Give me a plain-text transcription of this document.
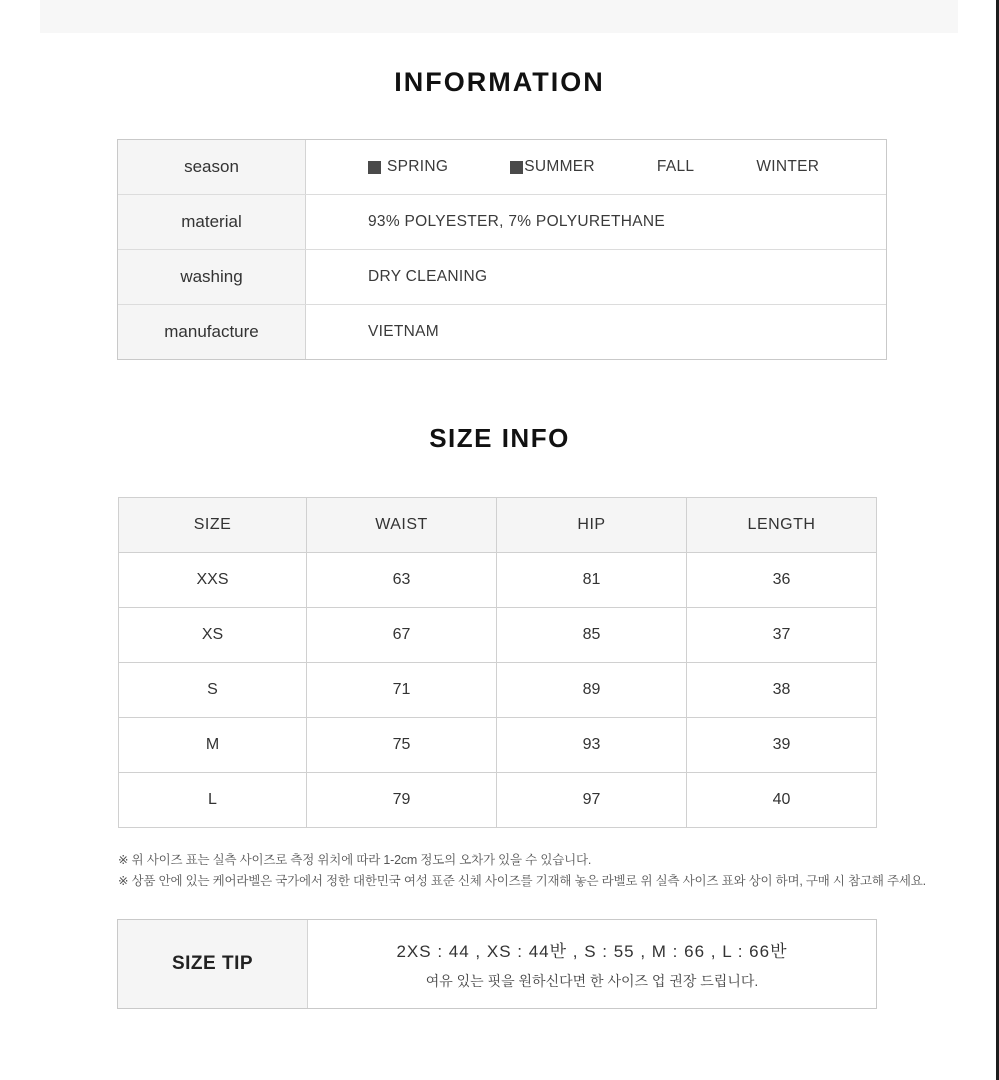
INFORMATION
season	SPRING	SUMMER	FALL	WINTER
material	93% POLYESTER, 7% POLYURETHANE
washing	DRY CLEANING
manufacture	VIETNAM
SIZE INFO
SIZE	WAIST	HIP	LENGTH
XXS	63	81	36
XS	67	85	37
S	71	89	38
M	75	93	39
L	79	97	40
※ 위 사이즈 표는 실측 사이즈로 측정 위치에 따라 1-2cm 정도의 오차가 있을 수 있습니다.
※ 상품 안에 있는 케어라벨은 국가에서 정한 대한민국 여성 표준 신체 사이즈를 기재해 놓은 라벨로 위 실측 사이즈 표와 상이 하며, 구매 시 참고해 주세요.
SIZE TIP
2XS : 44 , XS : 44반 , S : 55 , M : 66 , L : 66반
여유 있는 핏을 원하신다면 한 사이즈 업 권장 드립니다.
